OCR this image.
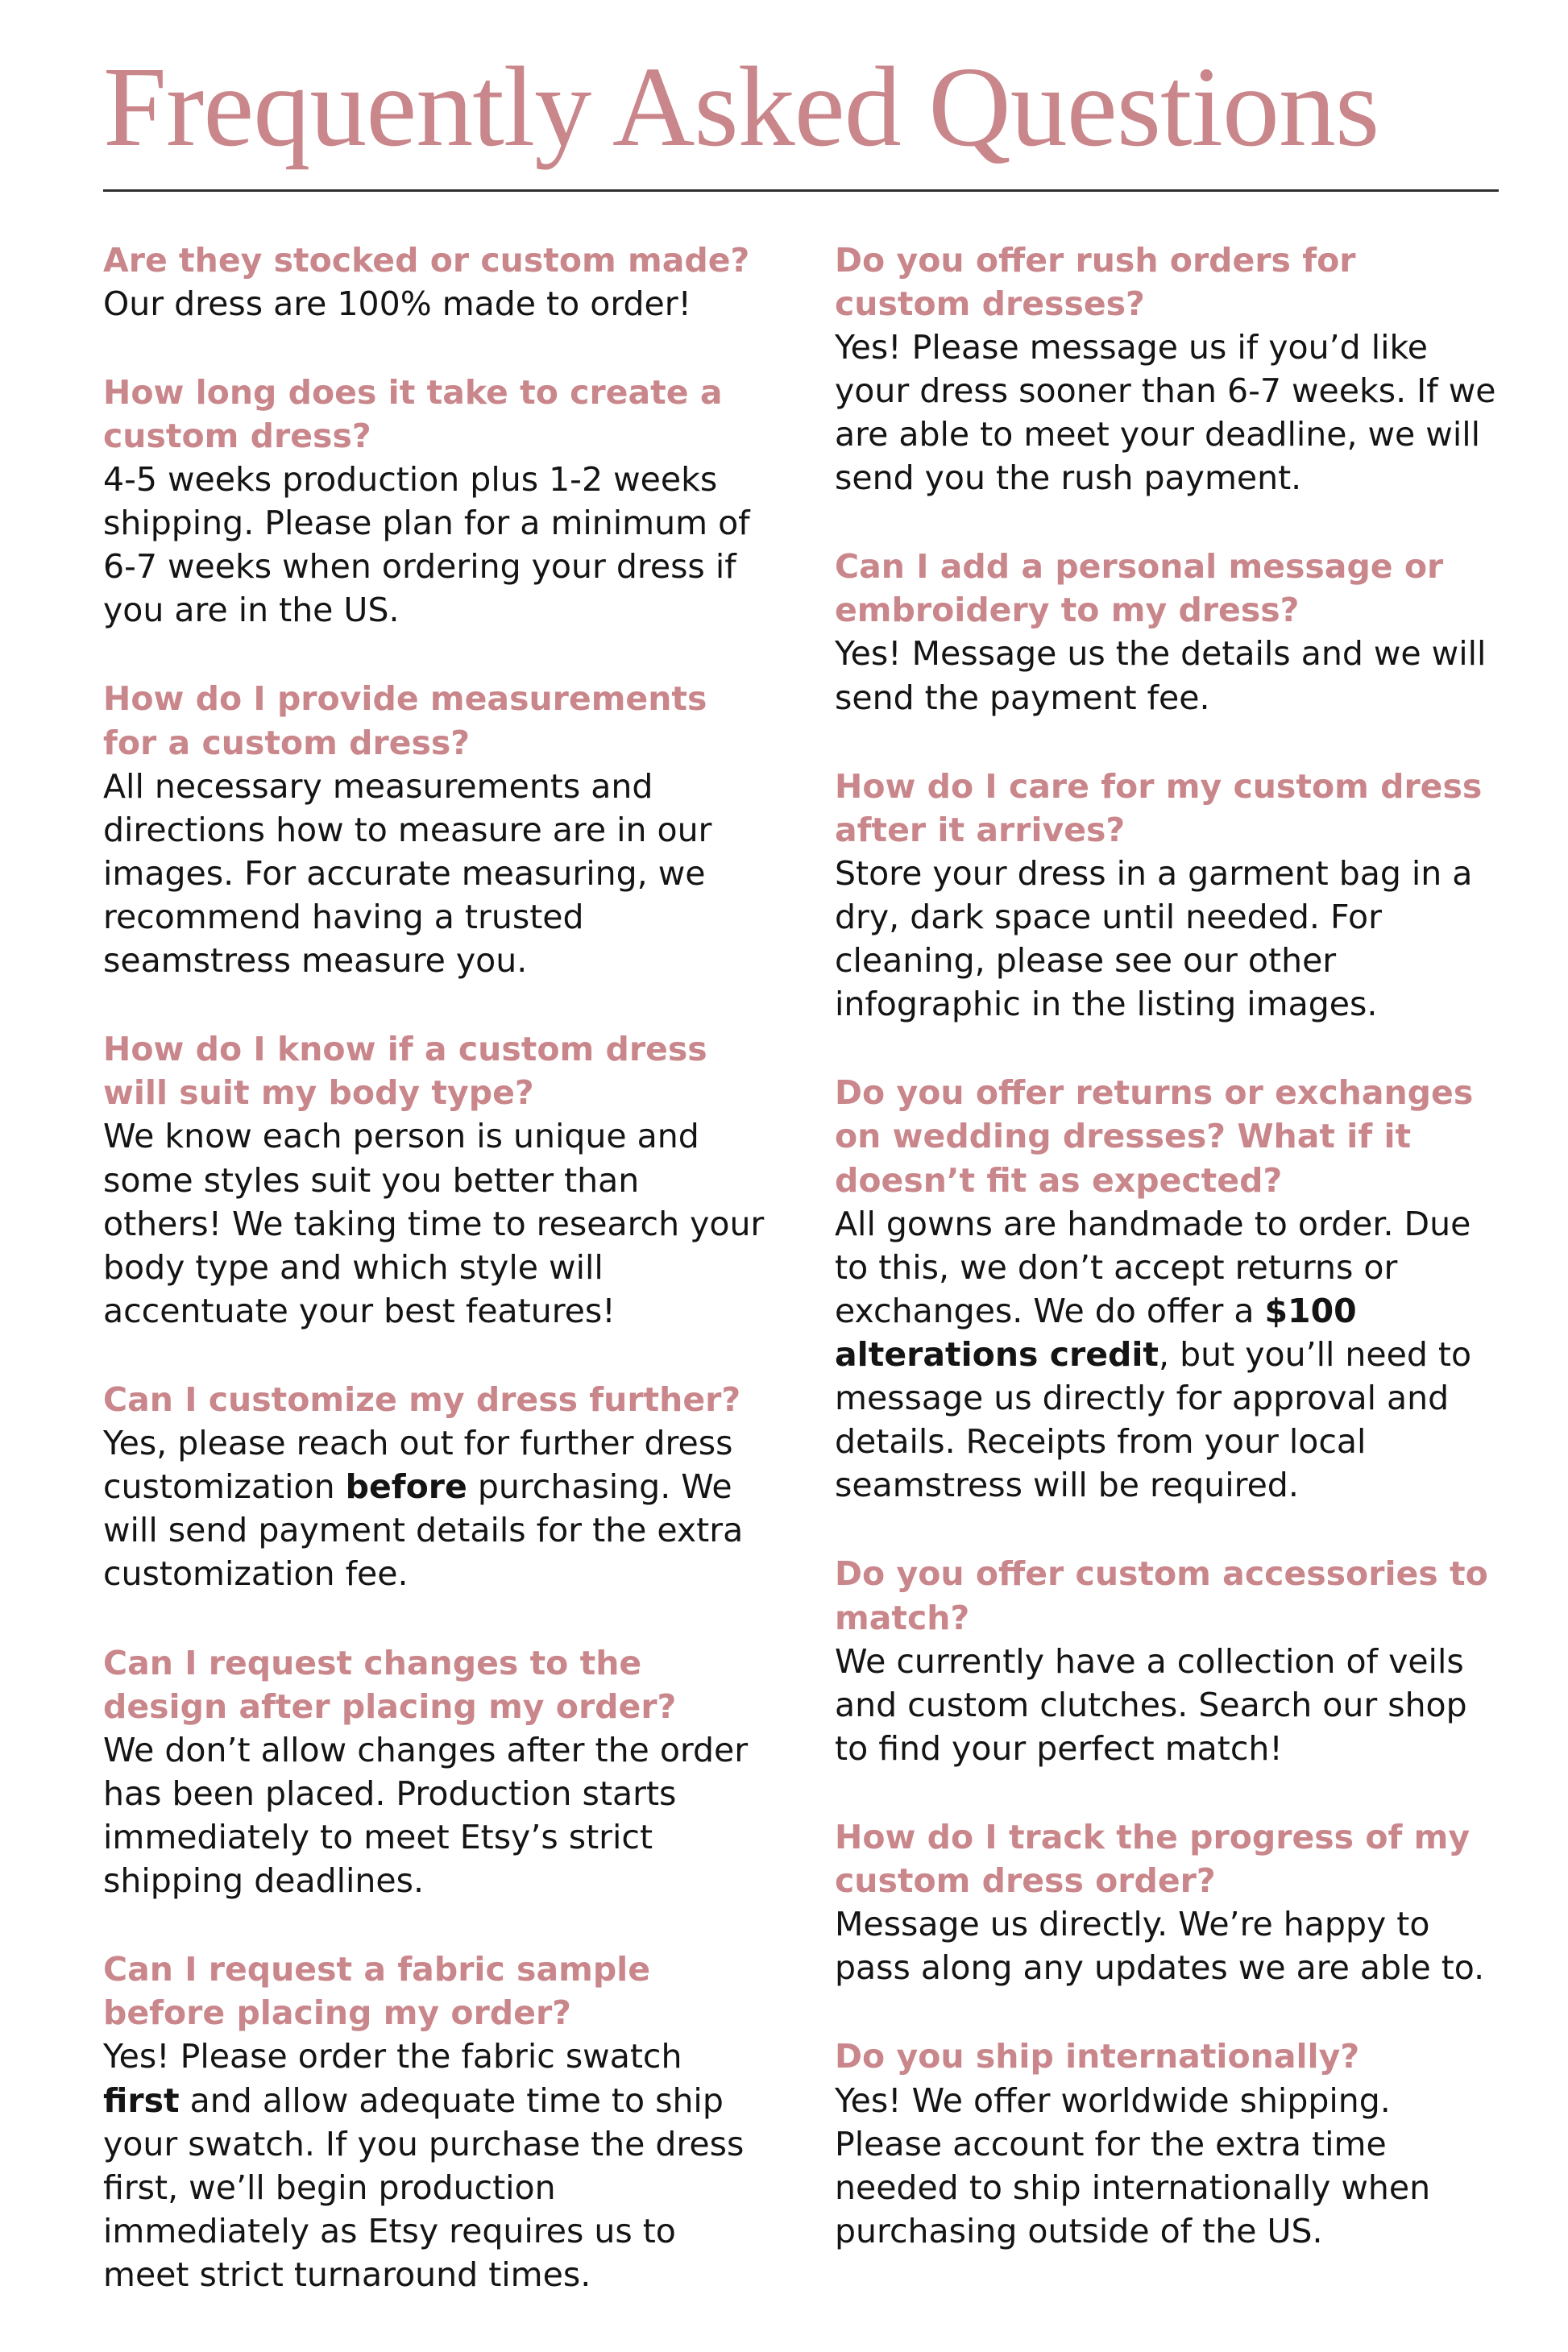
Frequently Asked Questions
Are they stocked or custom made?

Our dress are 100% made to order!

How long does it take to create a custom dress?

4-5 weeks production plus 1-2 weeks shipping. Please plan for a minimum of 6-7 weeks when ordering your dress if you are in the US.

How do I provide measurements for a custom dress?

All necessary measurements and directions how to measure are in our images. For accurate measuring, we recommend having a trusted seamstress measure you.

How do I know if a custom dress will suit my body type?

We know each person is unique and some styles suit you better than others! We taking time to research your body type and which style will accentuate your best features!

Can I customize my dress further?

Yes, please reach out for further dress customization before purchasing. We will send payment details for the extra customization fee.

Can I request changes to the design after placing my order?

We don’t allow changes after the order has been placed. Production starts immediately to meet Etsy’s strict shipping deadlines.

Can I request a fabric sample before placing my order?

Yes! Please order the fabric swatch first and allow adequate time to ship your swatch. If you purchase the dress first, we’ll begin production immediately as Etsy requires us to meet strict turnaround times.

Do you offer rush orders for custom dresses?

Yes! Please message us if you’d like your dress sooner than 6-7 weeks. If we are able to meet your deadline, we will send you the rush payment.

Can I add a personal message or embroidery to my dress?

Yes! Message us the details and we will send the payment fee.

How do I care for my custom dress after it arrives?

Store your dress in a garment bag in a dry, dark space until needed. For cleaning, please see our other infographic in the listing images.

Do you offer returns or exchanges on wedding dresses? What if it doesn’t fit as expected?

All gowns are handmade to order. Due to this, we don’t accept returns or exchanges. We do offer a $100 alterations credit, but you’ll need to message us directly for approval and details. Receipts from your local seamstress will be required.

Do you offer custom accessories to match?

We currently have a collection of veils and custom clutches. Search our shop to find your perfect match!

How do I track the progress of my custom dress order?

Message us directly. We’re happy to pass along any updates we are able to.

Do you ship internationally?

Yes! We offer worldwide shipping. Please account for the extra time needed to ship internationally when purchasing outside of the US.
